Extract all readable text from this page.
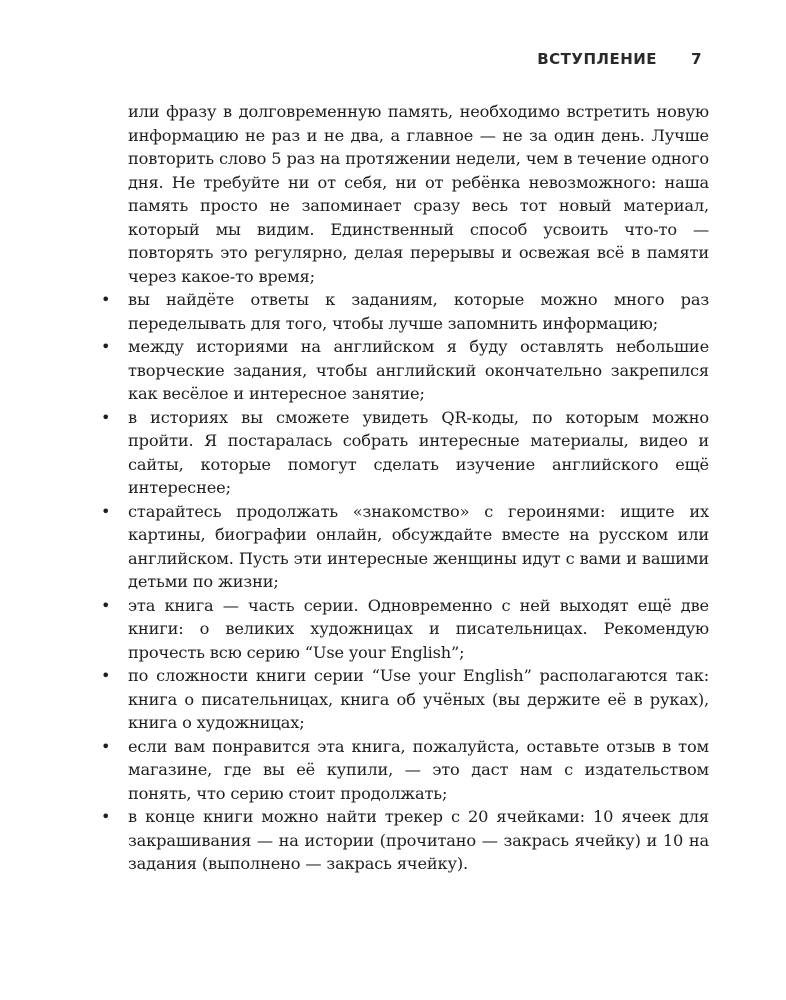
ВСТУПЛЕНИЕ 7

или фразу в долговременную память, необходимо встретить новую информацию не раз и не два, а главное — не за один день. Лучше повторить слово 5 раз на протяжении недели, чем в течение одного дня. Не требуйте ни от себя, ни от ребёнка невозможного: наша память просто не запоминает сразу весь тот новый материал, который мы видим. Единственный способ усвоить что-то — повторять это регулярно, делая перерывы и освежая всё в памяти через какое-то время;

• вы найдёте ответы к заданиям, которые можно много раз переделывать для того, чтобы лучше запомнить информацию;
• между историями на английском я буду оставлять небольшие творческие задания, чтобы английский окончательно закрепился как весёлое и интересное занятие;
• в историях вы сможете увидеть QR-коды, по которым можно пройти. Я постаралась собрать интересные материалы, видео и сайты, которые помогут сделать изучение английского ещё интереснее;
• старайтесь продолжать «знакомство» с героинями: ищите их картины, биографии онлайн, обсуждайте вместе на русском или английском. Пусть эти интересные женщины идут с вами и вашими детьми по жизни;
• эта книга — часть серии. Одновременно с ней выходят ещё две книги: о великих художницах и писательницах. Рекомендую прочесть всю серию “Use your English”;
• по сложности книги серии “Use your English” располагаются так: книга о писательницах, книга об учёных (вы держите её в руках), книга о художницах;
• если вам понравится эта книга, пожалуйста, оставьте отзыв в том магазине, где вы её купили, — это даст нам с издательством понять, что серию стоит продолжать;
• в конце книги можно найти трекер с 20 ячейками: 10 ячеек для закрашивания — на истории (прочитано — закрась ячейку) и 10 на задания (выполнено — закрась ячейку).
